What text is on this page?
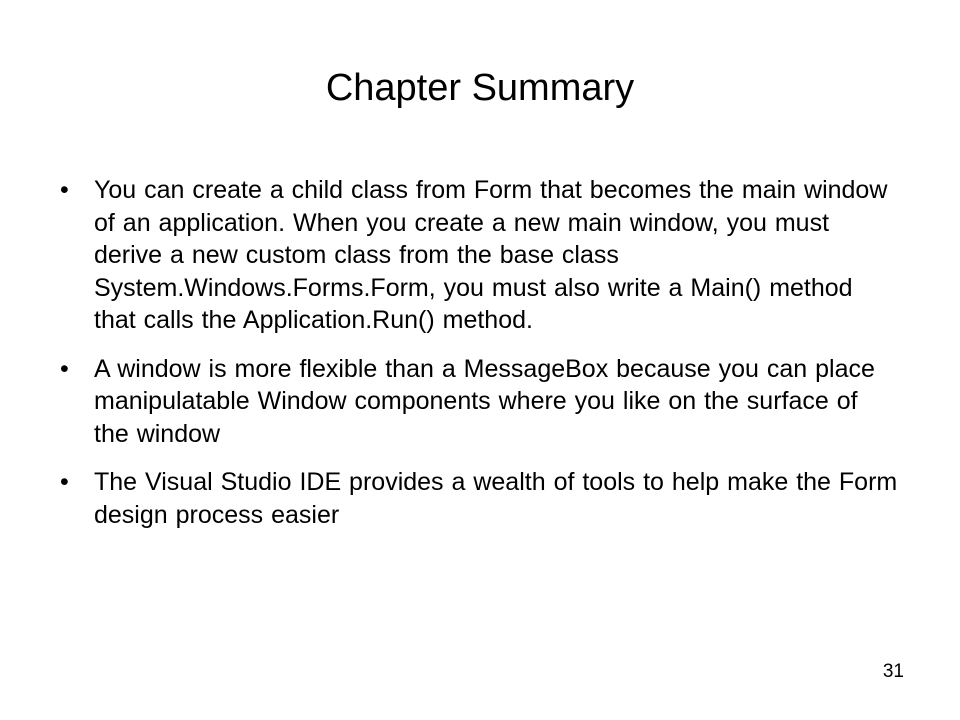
Chapter Summary
•	You can create a child class from Form that becomes the main window of an application. When you create a new main window, you must derive a new custom class from the base class System.Windows.Forms.Form, you must also write a Main() method that calls the Application.Run() method.
•	A window is more flexible than a MessageBox because you can place manipulatable Window components where you like on the surface of the window
•	The Visual Studio IDE provides a wealth of tools to help make the Form design process easier
31
